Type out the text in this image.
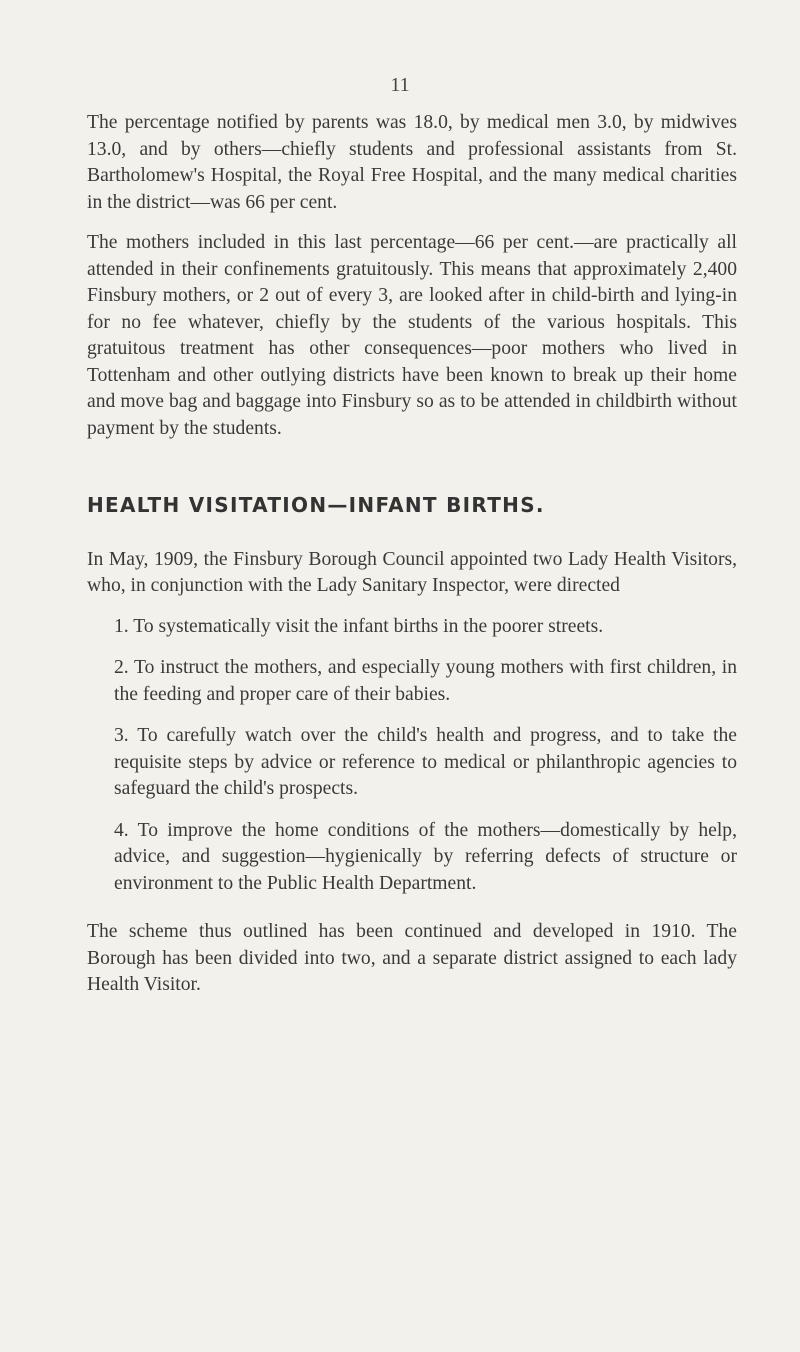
11

The percentage notified by parents was 18.0, by medical men 3.0, by midwives 13.0, and by others—chiefly students and professional assistants from St. Bartholomew's Hospital, the Royal Free Hospital, and the many medical charities in the district—was 66 per cent.

The mothers included in this last percentage—66 per cent.—are practically all attended in their confinements gratuitously. This means that approximately 2,400 Finsbury mothers, or 2 out of every 3, are looked after in child-birth and lying-in for no fee whatever, chiefly by the students of the various hospitals. This gratuitous treatment has other consequences—poor mothers who lived in Tottenham and other outlying districts have been known to break up their home and move bag and baggage into Finsbury so as to be attended in childbirth without payment by the students.

HEALTH VISITATION—INFANT BIRTHS.

In May, 1909, the Finsbury Borough Council appointed two Lady Health Visitors, who, in conjunction with the Lady Sanitary Inspector, were directed

1. To systematically visit the infant births in the poorer streets.

2. To instruct the mothers, and especially young mothers with first children, in the feeding and proper care of their babies.

3. To carefully watch over the child's health and progress, and to take the requisite steps by advice or reference to medical or philanthropic agencies to safeguard the child's prospects.

4. To improve the home conditions of the mothers—domestically by help, advice, and suggestion—hygienically by referring defects of structure or environment to the Public Health Department.

The scheme thus outlined has been continued and developed in 1910. The Borough has been divided into two, and a separate district assigned to each lady Health Visitor.
